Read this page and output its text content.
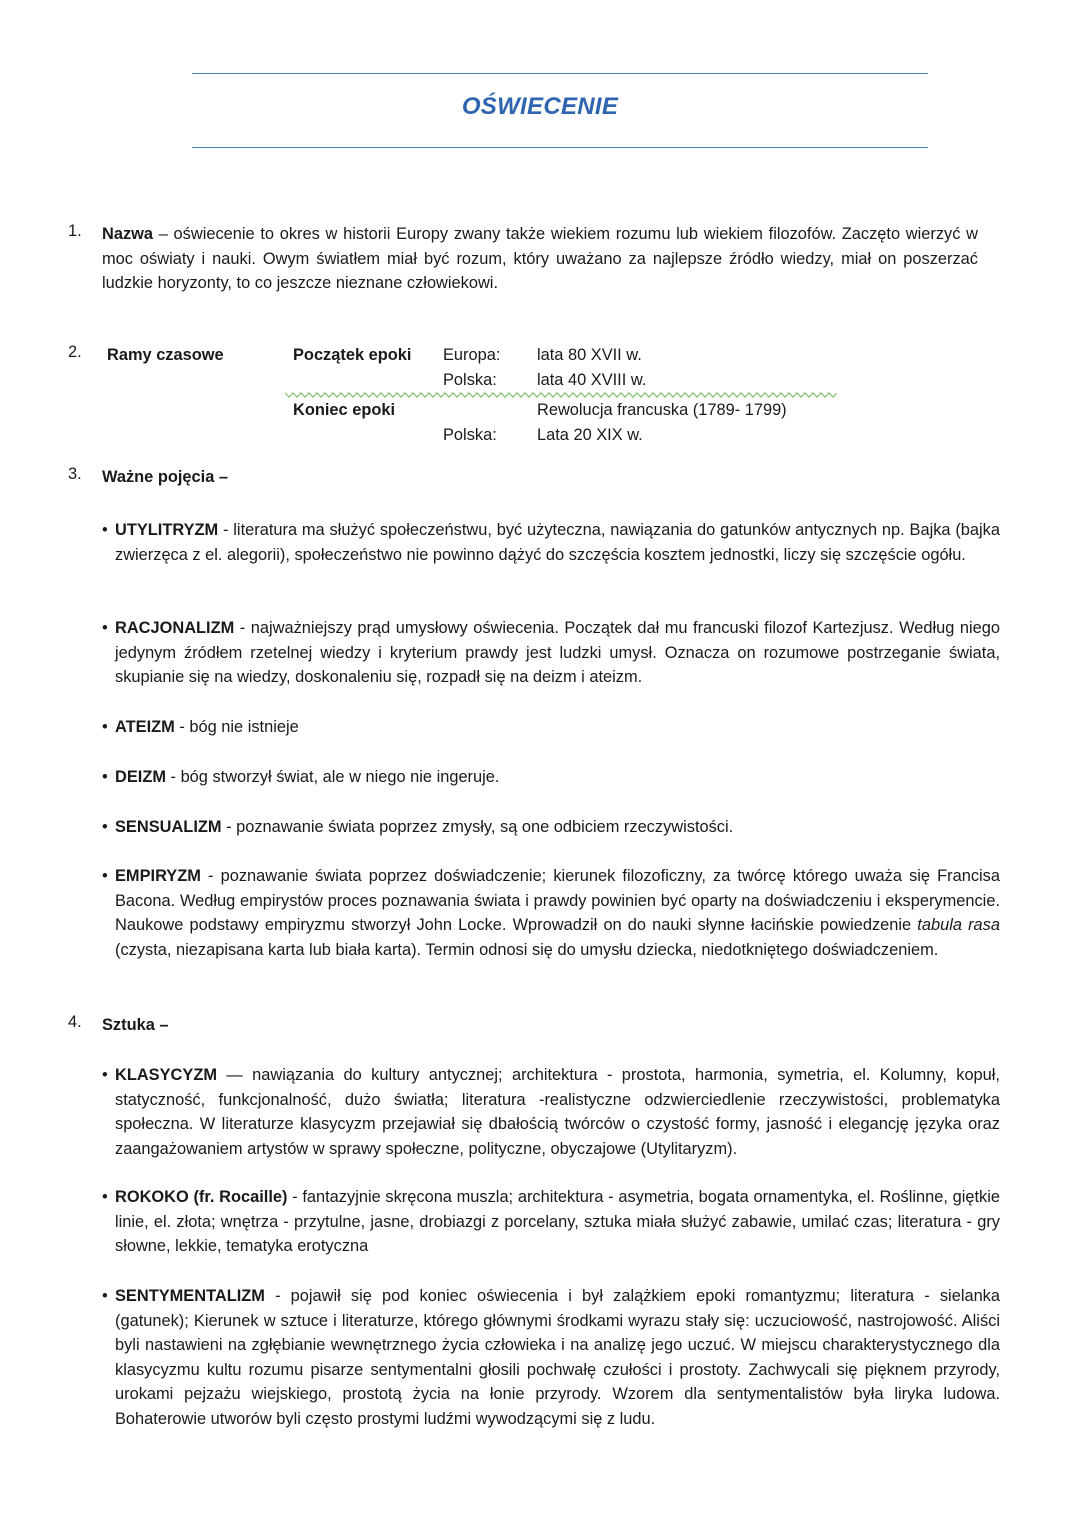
OŚWIECENIE
1. Nazwa – oświecenie to okres w historii Europy zwany także wiekiem rozumu lub wiekiem filozofów. Zaczęto wierzyć w moc oświaty i nauki. Owym światłem miał być rozum, który uważano za najlepsze źródło wiedzy, miał on poszerzać ludzkie horyzonty, to co jeszcze nieznane człowiekowi.
2. Ramy czasowe	Początek epoki Europa: lata 80 XVII w.
Polska: lata 40 XVIII w.
Koniec epoki	Rewolucja francuska (1789- 1799)
Polska: Lata 20 XIX w.
3. Ważne pojęcia –
• UTYLITRYZM - literatura ma służyć społeczeństwu, być użyteczna, nawiązania do gatunków antycznych np. Bajka (bajka zwierzęca z el. alegorii), społeczeństwo nie powinno dążyć do szczęścia kosztem jednostki, liczy się szczęście ogółu.
• RACJONALIZM - najważniejszy prąd umysłowy oświecenia. Początek dał mu francuski filozof Kartezjusz. Według niego jedynym źródłem rzetelnej wiedzy i kryterium prawdy jest ludzki umysł. Oznacza on rozumowe postrzeganie świata, skupianie się na wiedzy, doskonaleniu się, rozpadł się na deizm i ateizm.
• ATEIZM - bóg nie istnieje
• DEIZM - bóg stworzył świat, ale w niego nie ingeruje.
• SENSUALIZM - poznawanie świata poprzez zmysły, są one odbiciem rzeczywistości.
• EMPIRYZM - poznawanie świata poprzez doświadczenie; kierunek filozoficzny, za twórcę którego uważa się Francisa Bacona. Według empirystów proces poznawania świata i prawdy powinien być oparty na doświadczeniu i eksperymencie. Naukowe podstawy empiryzmu stworzył John Locke. Wprowadził on do nauki słynne łacińskie powiedzenie tabula rasa (czysta, niezapisana karta lub biała karta). Termin odnosi się do umysłu dziecka, niedotkniętego doświadczeniem.
4. Sztuka –
• KLASYCYZM — nawiązania do kultury antycznej; architektura - prostota, harmonia, symetria, el. Kolumny, kopuł, statyczność, funkcjonalność, dużo światła; literatura -realistyczne odzwierciedlenie rzeczywistości, problematyka społeczna. W literaturze klasycyzm przejawiał się dbałością twórców o czystość formy, jasność i elegancję języka oraz zaangażowaniem artystów w sprawy społeczne, polityczne, obyczajowe (Utylitaryzm).
• ROKOKO (fr. Rocaille) - fantazyjnie skręcona muszla; architektura - asymetria, bogata ornamentyka, el. Roślinne, giętkie linie, el. złota; wnętrza - przytulne, jasne, drobiazgi z porcelany, sztuka miała służyć zabawie, umilać czas; literatura - gry słowne, lekkie, tematyka erotyczna
• SENTYMENTALIZM - pojawił się pod koniec oświecenia i był zalążkiem epoki romantyzmu; literatura - sielanka (gatunek); Kierunek w sztuce i literaturze, którego głównymi środkami wyrazu stały się: uczuciowość, nastrojowość. Aliści byli nastawieni na zgłębianie wewnętrznego życia człowieka i na analizę jego uczuć. W miejscu charakterystycznego dla klasycyzmu kultu rozumu pisarze sentymentalni głosili pochwałę czułości i prostoty. Zachwycali się pięknem przyrody, urokami pejzażu wiejskiego, prostotą życia na łonie przyrody. Wzorem dla sentymentalistów była liryka ludowa. Bohaterowie utworów byli często prostymi ludźmi wywodzącymi się z ludu.
